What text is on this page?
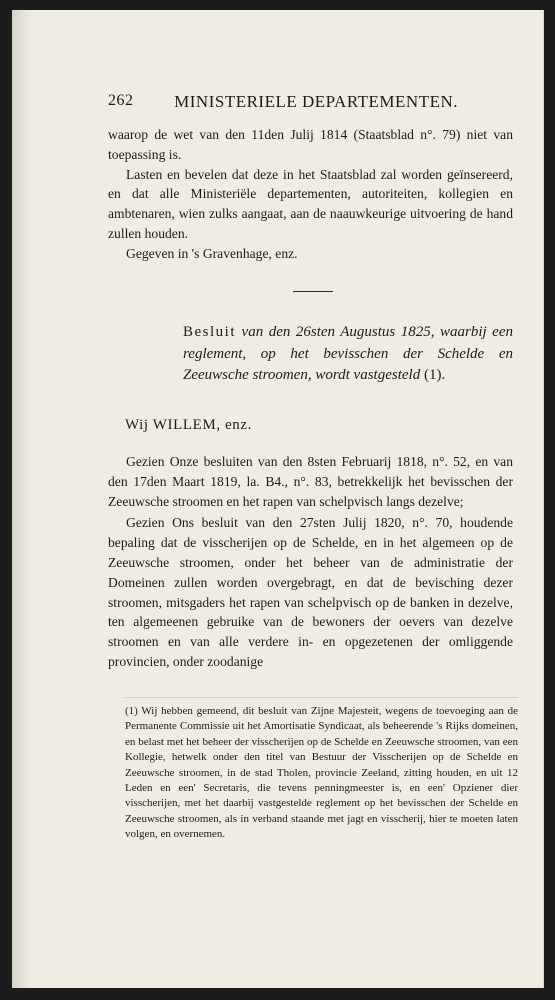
262 MINISTERIELE DEPARTEMENTEN.

waarop de wet van den 11den Julij 1814 (Staatsblad n°. 79) niet van toepassing is.

Lasten en bevelen dat deze in het Staatsblad zal worden geïnsereerd, en dat alle Ministeriële departementen, autoriteiten, kollegien en ambtenaren, wien zulks aangaat, aan de naauwkeurige uitvoering de hand zullen houden.

Gegeven in 's Gravenhage, enz.

Besluit van den 26sten Augustus 1825, waarbij een reglement, op het bevisschen der Schelde en Zeeuwsche stroomen, wordt vastgesteld (1).
Wij WILLEM, enz.

Gezien Onze besluiten van den 8sten Februarij 1818, n°. 52, en van den 17den Maart 1819, la. B4., n°. 83, betrekkelijk het bevisschen der Zeeuwsche stroomen en het rapen van schelpvisch langs dezelve;

Gezien Ons besluit van den 27sten Julij 1820, n°. 70, houdende bepaling dat de visscherijen op de Schelde, en in het algemeen op de Zeeuwsche stroomen, onder het beheer van de administratie der Domeinen zullen worden overgebragt, en dat de bevisching dezer stroomen, mitsgaders het rapen van schelpvisch op de banken in dezelve, ten algemeenen gebruike van de bewoners der oevers van dezelve stroomen en van alle verdere in- en opgezetenen der omliggende provincien, onder zoodanige

(1) Wij hebben gemeend, dit besluit van Zijne Majesteit, wegens de toevoeging aan de Permanente Commissie uit het Amortisatie Syndicaat, als beheerende 's Rijks domeinen, en belast met het beheer der visscherijen op de Schelde en Zeeuwsche stroomen, van een Kollegie, hetwelk onder den titel van Bestuur der Visscherijen op de Schelde en Zeeuwsche stroomen, in de stad Tholen, provincie Zeeland, zitting houden, en uit 12 Leden en een' Secretaris, die tevens penningmeester is, en een' Opziener dier visscherijen, met het daarbij vastgestelde reglement op het bevisschen der Schelde en Zeeuwsche stroomen, als in verband staande met jagt en visscherij, hier te moeten laten volgen, en overnemen.
